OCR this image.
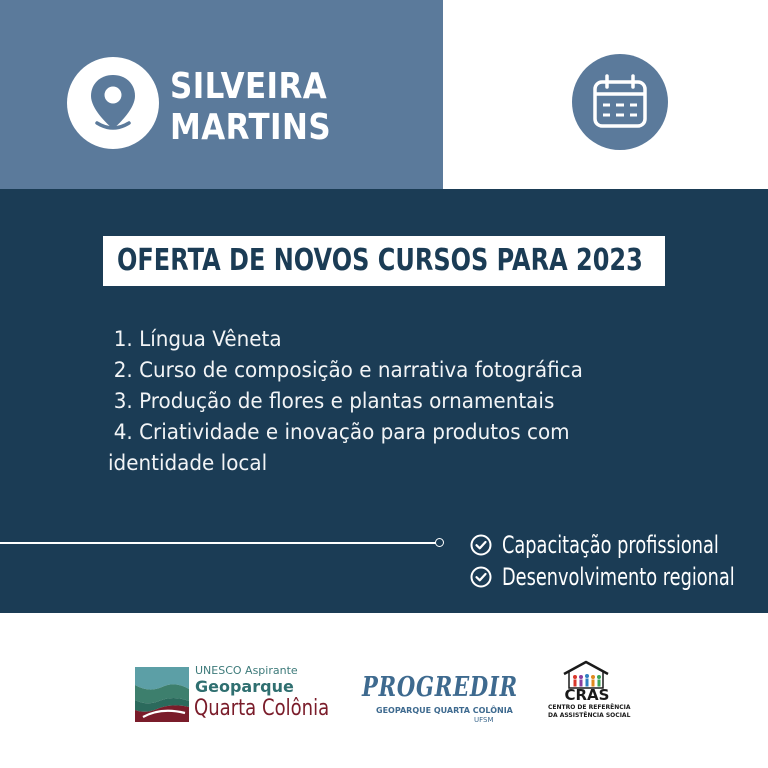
SILVEIRA
MARTINS
OFERTA DE NOVOS CURSOS PARA 2023
1. Língua Vêneta
2. Curso de composição e narrativa fotográfica
3. Produção de flores e plantas ornamentais
4. Criatividade e inovação para produtos com
identidade local
Capacitação profissional
Desenvolvimento regional
UNESCO Aspirante
Geoparque
Quarta Colônia
PROGREDIR
GEOPARQUE QUARTA COLÔNIA
UFSM
CRAS
CENTRO DE REFERÊNCIA
DA ASSISTÊNCIA SOCIAL
